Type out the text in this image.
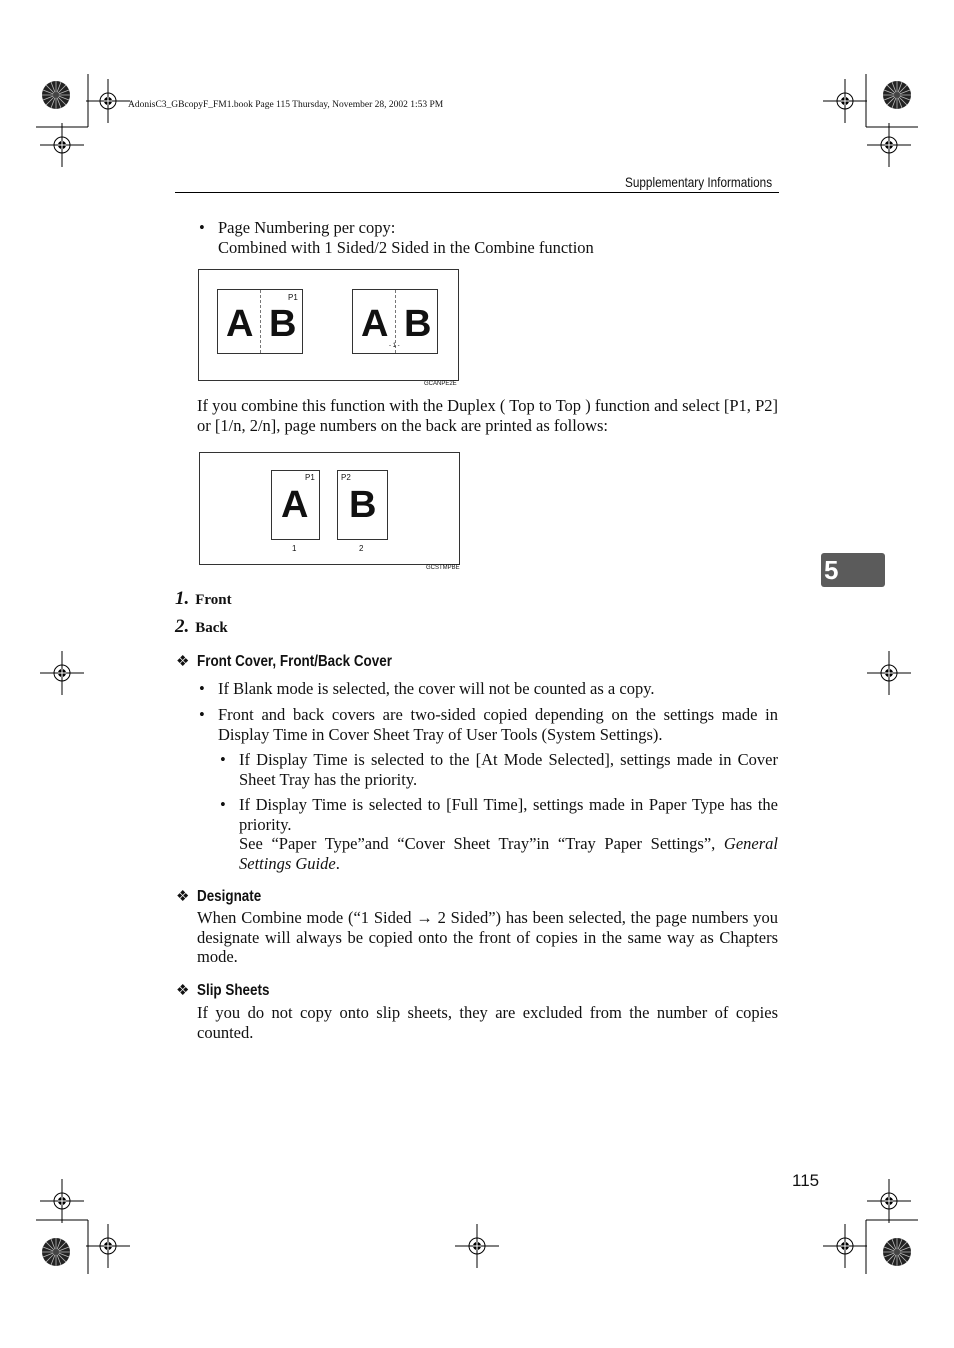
AdonisC3_GBcopyF_FM1.book Page 115 Thursday, November 28, 2002 1:53 PM
Supplementary Informations
5
• Page Numbering per copy:
Combined with 1 Sided/2 Sided in the Combine function
A B
P1
A B
- 1 -
GCANPE2E
If you combine this function with the Duplex ( Top to Top ) function and select [P1, P2] or [1/n, 2/n], page numbers on the back are printed as follows:
P1
A
P2
B
1	2
GCSTMPBE
1. Front
2. Back
❖ Front Cover, Front/Back Cover
• If Blank mode is selected, the cover will not be counted as a copy.
• Front and back covers are two-sided copied depending on the settings made in Display Time in Cover Sheet Tray of User Tools (System Settings).
• If Display Time is selected to the [At Mode Selected], settings made in Cover Sheet Tray has the priority.
• If Display Time is selected to [Full Time], settings made in Paper Type has the priority.
See “Paper Type”and “Cover Sheet Tray”in “Tray Paper Settings”, General Settings Guide.
❖ Designate
When Combine mode (“1 Sided → 2 Sided”) has been selected, the page numbers you designate will always be copied onto the front of copies in the same way as Chapters mode.
❖ Slip Sheets
If you do not copy onto slip sheets, they are excluded from the number of copies counted.
115
